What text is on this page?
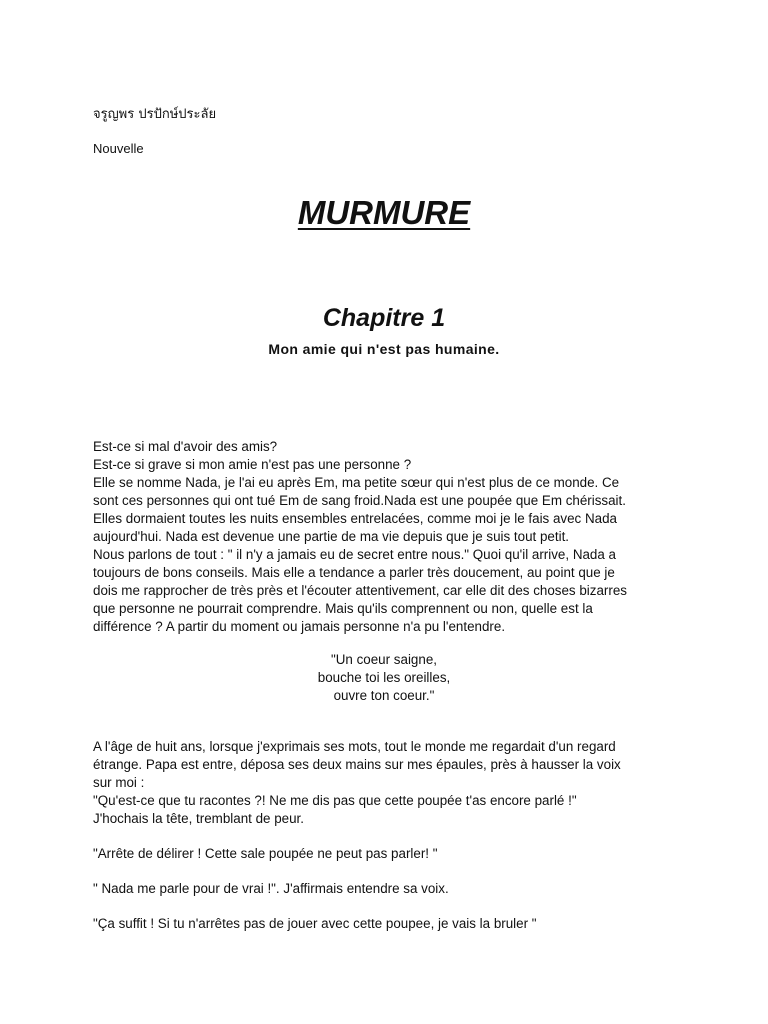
จรูญพร ปรปักษ์ประลัย
Nouvelle
MURMURE
Chapitre 1
Mon amie qui n'est pas humaine.
Est-ce si mal d'avoir des amis?
Est-ce si grave si mon amie n'est pas une personne ?
Elle se nomme Nada, je l'ai eu après Em, ma petite sœur qui n'est plus de ce monde. Ce
sont ces personnes qui ont tué Em de sang froid.Nada est une poupée que Em chérissait.
Elles dormaient toutes les nuits ensembles entrelacées, comme moi je le fais avec Nada
aujourd'hui. Nada est devenue une partie de ma vie depuis que je suis tout petit.
Nous parlons de tout : " il n'y a jamais eu de secret entre nous." Quoi qu'il arrive, Nada a
toujours de bons conseils. Mais elle a tendance a parler très doucement, au point que je
dois me rapprocher de très près et l'écouter attentivement, car elle dit des choses bizarres
que personne ne pourrait comprendre. Mais qu'ils comprennent ou non, quelle est la
différence ? A partir du moment ou jamais personne n'a pu l'entendre.
"Un coeur saigne,
bouche toi les oreilles,
ouvre ton coeur."
A l'âge de huit ans, lorsque j'exprimais ses mots, tout le monde me regardait d'un regard
étrange. Papa est entre, déposa ses deux mains sur mes épaules, près à hausser la voix
sur moi :
"Qu'est-ce que tu racontes ?! Ne me dis pas que cette poupée t'as encore parlé !"
J'hochais la tête, tremblant de peur.
"Arrête de délirer ! Cette sale poupée ne peut pas parler! "
" Nada me parle pour de vrai !". J'affirmais entendre sa voix.
"Ça suffit ! Si tu n'arrêtes pas de jouer avec cette poupee, je vais la bruler "
